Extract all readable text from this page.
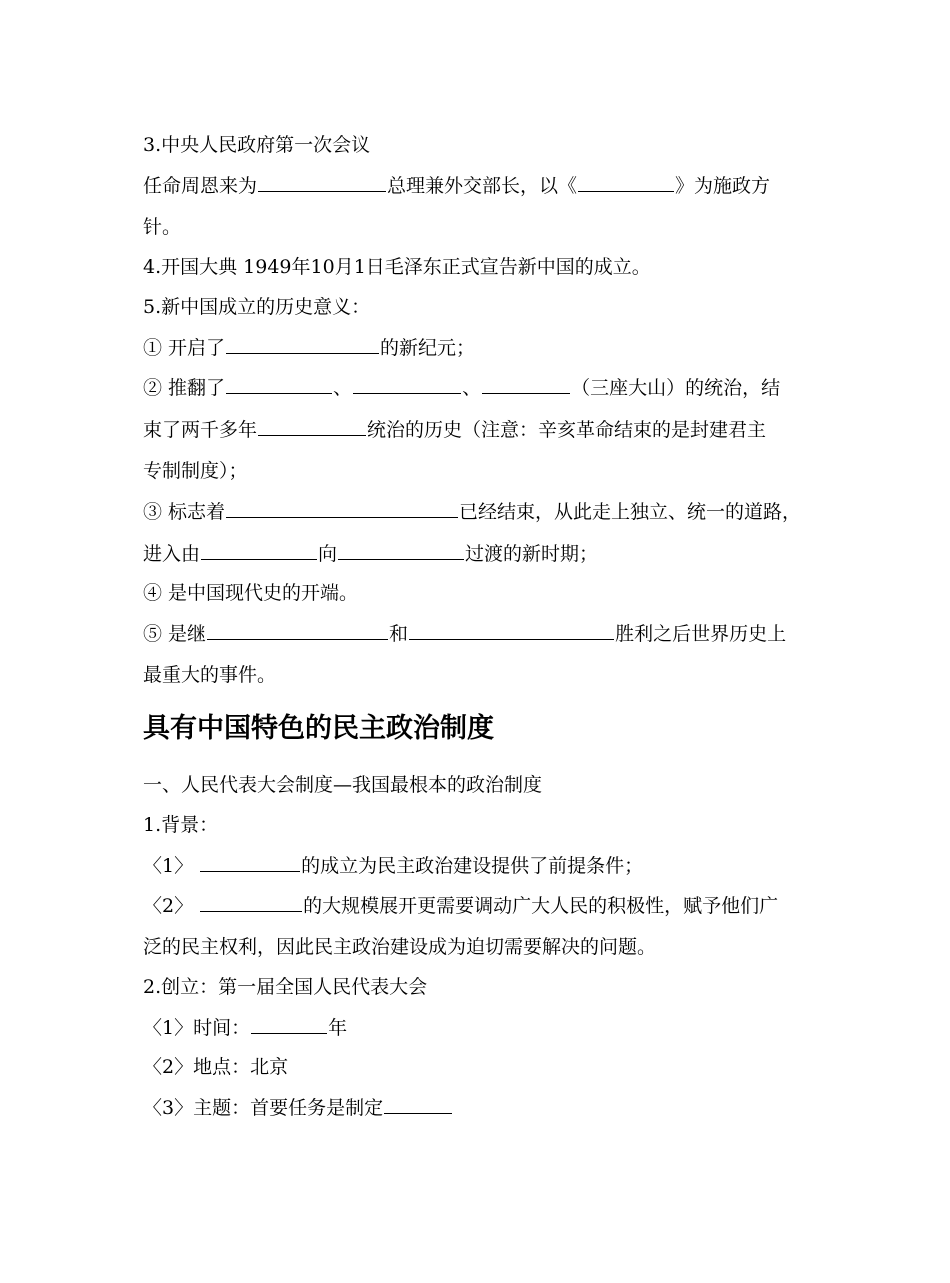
3.中央人民政府第一次会议
任命周恩来为	总理兼外交部长，以《	》为施政方
针。
4.开国大典 1949年10月1日毛泽东正式宣告新中国的成立。
5.新中国成立的历史意义：
① 开启了	的新纪元；
② 推翻了	、	、	（三座大山）的统治，结
束了两千多年	统治的历史（注意：辛亥革命结束的是封建君主
专制制度）；
③ 标志着	已经结束，从此走上独立、统一的道路，
进入由	向	过渡的新时期；
④ 是中国现代史的开端。
⑤ 是继	和	胜利之后世界历史上
最重大的事件。
具有中国特色的民主政治制度
一、人民代表大会制度—我国最根本的政治制度
1.背景：
〈1〉	的成立为民主政治建设提供了前提条件；
〈2〉	的大规模展开更需要调动广大人民的积极性，赋予他们广
泛的民主权利，因此民主政治建设成为迫切需要解决的问题。
2.创立：第一届全国人民代表大会
〈1〉时间：	年
〈2〉地点：北京
〈3〉主题：首要任务是制定
